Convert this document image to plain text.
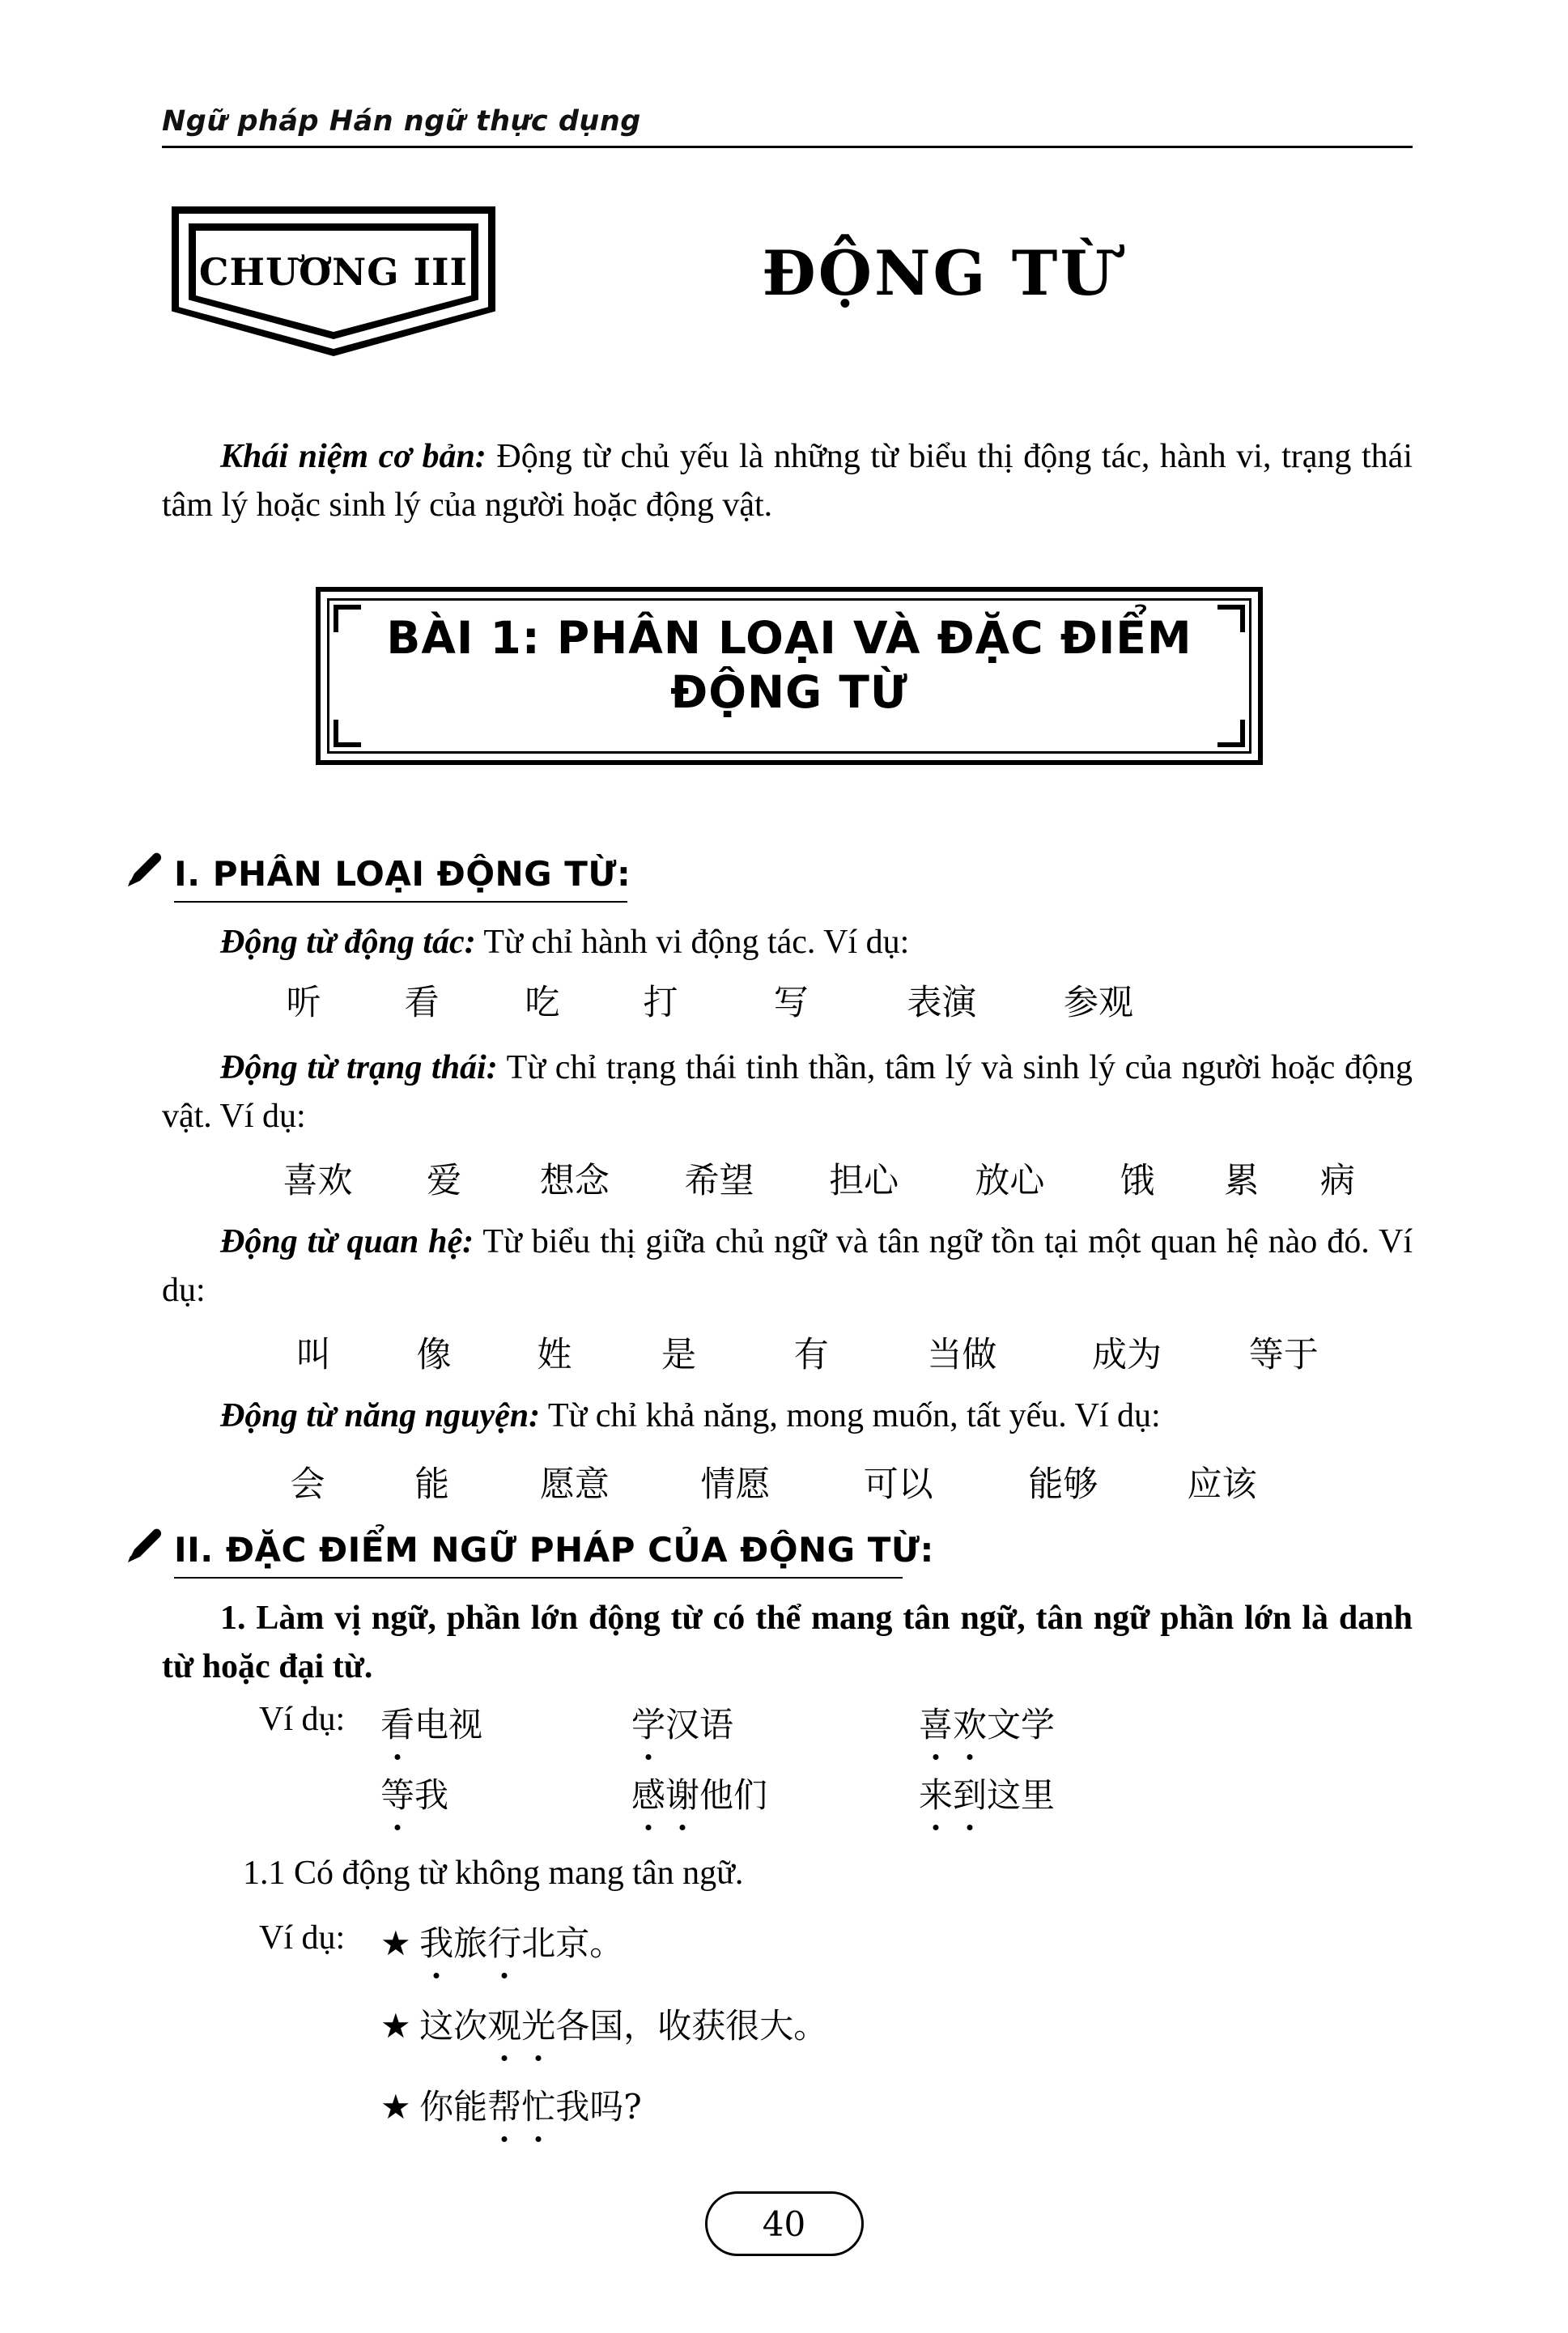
Ngữ pháp Hán ngữ thực dụng
CHƯƠNG III	ĐỘNG TỪ

Khái niệm cơ bản: Động từ chủ yếu là những từ biểu thị động tác, hành vi, trạng thái tâm lý hoặc sinh lý của người hoặc động vật.

BÀI 1: PHÂN LOẠI VÀ ĐẶC ĐIỂM
ĐỘNG TỪ
I. PHÂN LOẠI ĐỘNG TỪ:
Động từ động tác: Từ chỉ hành vi động tác. Ví dụ:
听 看 吃 打	写	表演	参观
Động từ trạng thái: Từ chỉ trạng thái tinh thần, tâm lý và sinh lý của người hoặc động vật. Ví dụ:
喜欢 爱 想念 希望 担心 放心 饿 累 病
Động từ quan hệ: Từ biểu thị giữa chủ ngữ và tân ngữ tồn tại một quan hệ nào đó. Ví dụ:
叫 像 姓	是	有	当做	成为	等于
Động từ năng nguyện: Từ chỉ khả năng, mong muốn, tất yếu. Ví dụ:
会	能	愿意	情愿	可以	能够	应该
II. ĐẶC ĐIỂM NGỮ PHÁP CỦA ĐỘNG TỪ:
1. Làm vị ngữ, phần lớn động từ có thể mang tân ngữ, tân ngữ phần lớn là danh từ hoặc đại từ.
Ví dụ: 看电视	学汉语	喜欢文学
等我	感谢他们	来到这里
1.1 Có động từ không mang tân ngữ.
Ví dụ: ★ 我旅行北京。
★ 这次观光各国，收获很大。
★ 你能帮忙我吗?
40
